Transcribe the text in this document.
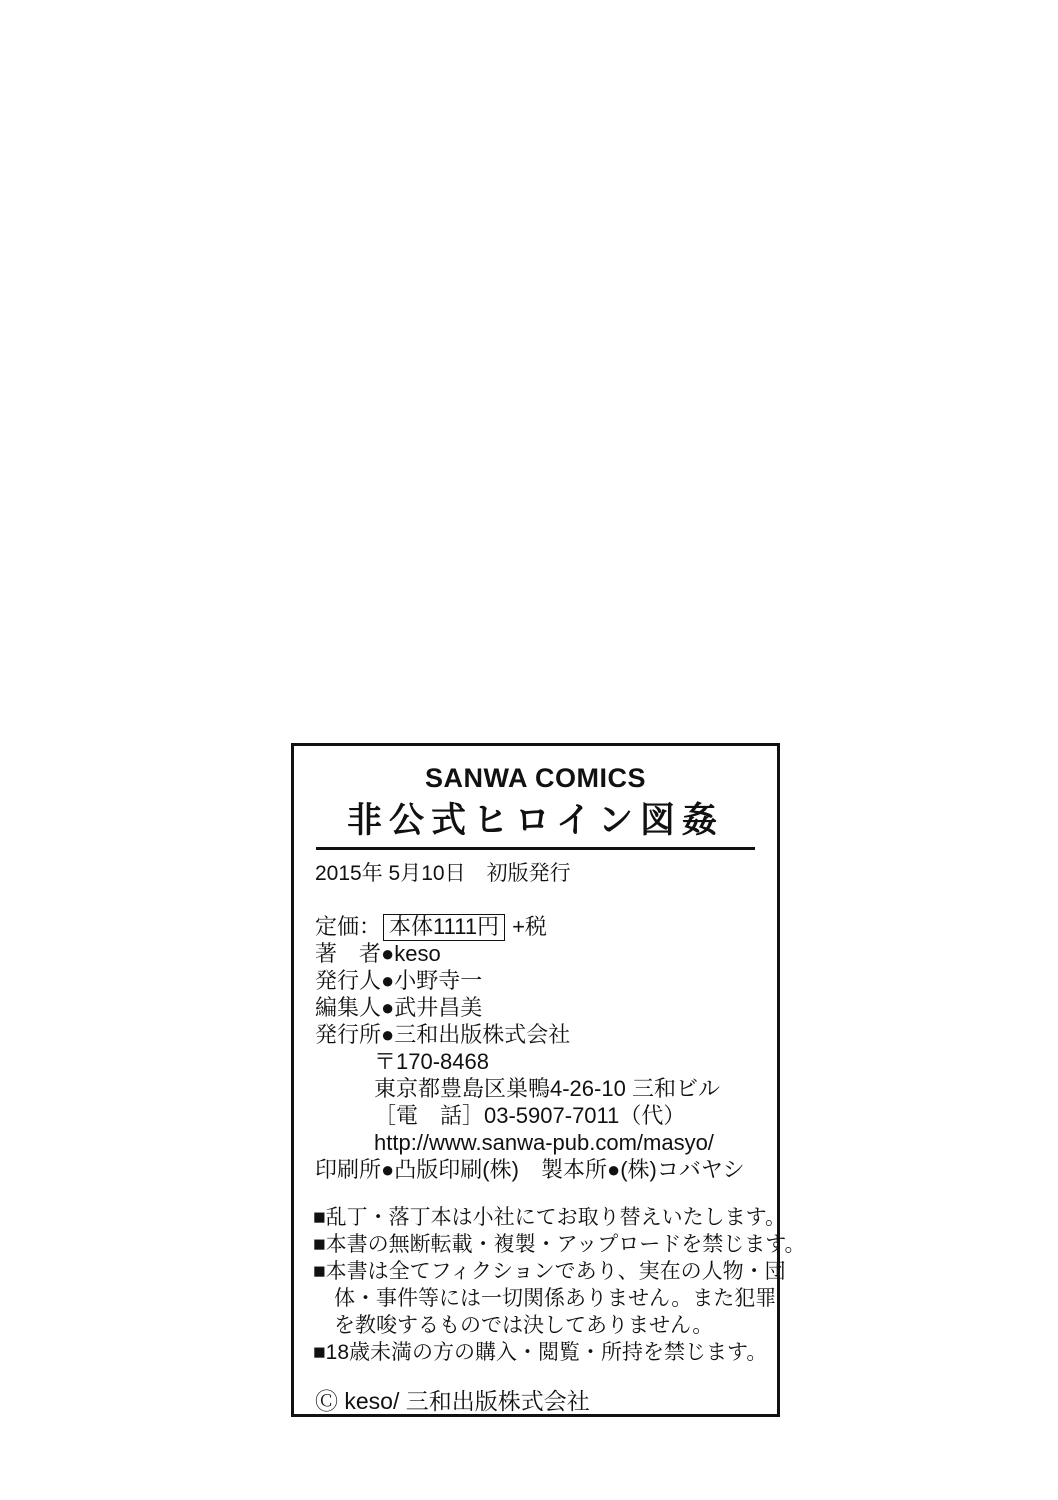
SANWA COMICS
非公式ヒロイン図姦
2015年 5月10日　初版発行
定価： 本体1111円 +税
著　者●keso
発行人●小野寺一
編集人●武井昌美
発行所●三和出版株式会社
〒170-8468
東京都豊島区巣鴨4-26-10 三和ビル
［電　話］03-5907-7011（代）
http://www.sanwa-pub.com/masyo/
印刷所●凸版印刷(株)　製本所●(株)コバヤシ
■乱丁・落丁本は小社にてお取り替えいたします。
■本書の無断転載・複製・アップロードを禁じます。
■本書は全てフィクションであり、実在の人物・団
体・事件等には一切関係ありません。また犯罪
を教唆するものでは決してありません。
■18歳未満の方の購入・閲覧・所持を禁じます。
Ⓒ keso/ 三和出版株式会社
